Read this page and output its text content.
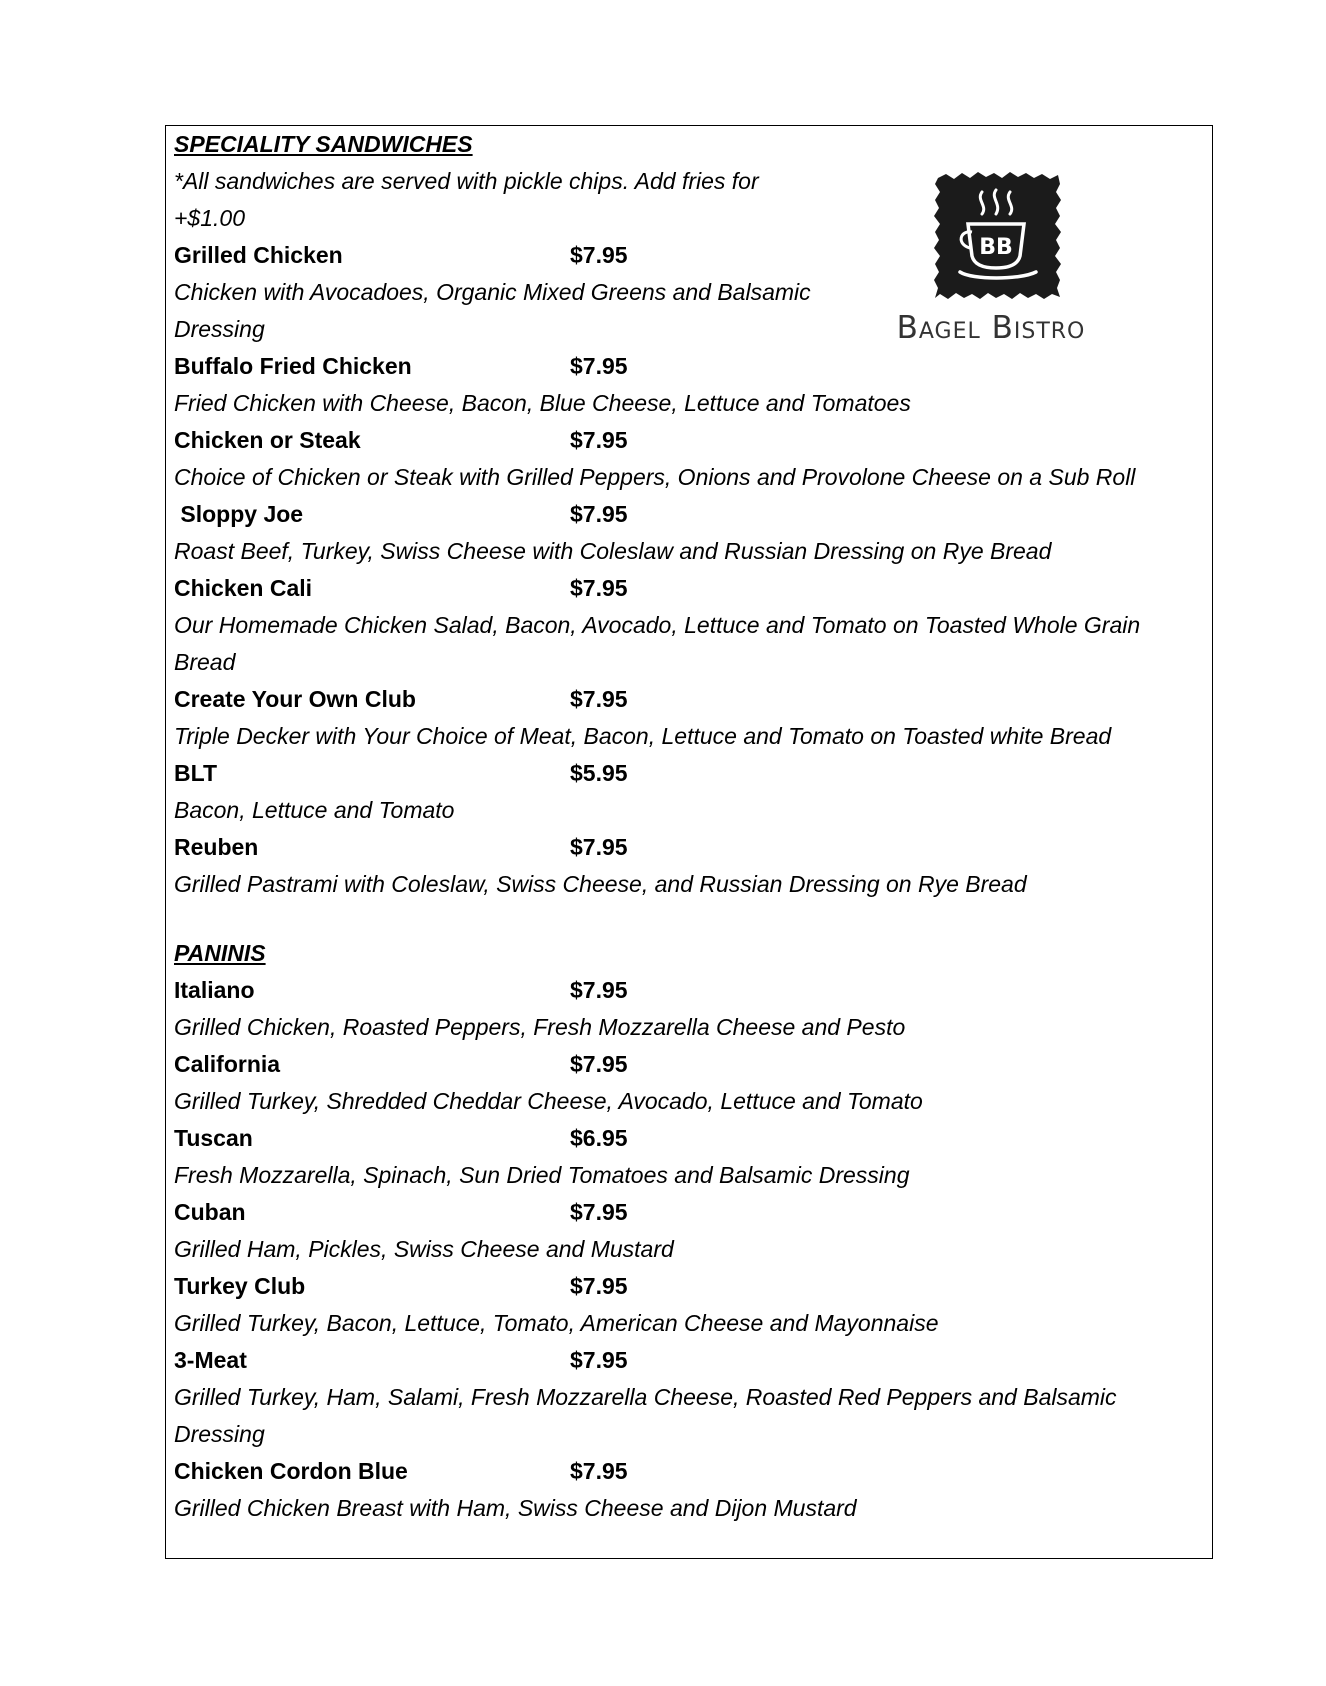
BB
Bagel Bistro
SPECIALITY SANDWICHES
*All sandwiches are served with pickle chips. Add fries for
+$1.00
Grilled Chicken	$7.95
Chicken with Avocadoes, Organic Mixed Greens and Balsamic
Dressing
Buffalo Fried Chicken	$7.95
Fried Chicken with Cheese, Bacon, Blue Cheese, Lettuce and Tomatoes
Chicken or Steak	$7.95
Choice of Chicken or Steak with Grilled Peppers, Onions and Provolone Cheese on a Sub Roll
Sloppy Joe	$7.95
Roast Beef, Turkey, Swiss Cheese with Coleslaw and Russian Dressing on Rye Bread
Chicken Cali	$7.95
Our Homemade Chicken Salad, Bacon, Avocado, Lettuce and Tomato on Toasted Whole Grain
Bread
Create Your Own Club	$7.95
Triple Decker with Your Choice of Meat, Bacon, Lettuce and Tomato on Toasted white Bread
BLT	$5.95
Bacon, Lettuce and Tomato
Reuben	$7.95
Grilled Pastrami with Coleslaw, Swiss Cheese, and Russian Dressing on Rye Bread
PANINIS
Italiano	$7.95
Grilled Chicken, Roasted Peppers, Fresh Mozzarella Cheese and Pesto
California	$7.95
Grilled Turkey, Shredded Cheddar Cheese, Avocado, Lettuce and Tomato
Tuscan	$6.95
Fresh Mozzarella, Spinach, Sun Dried Tomatoes and Balsamic Dressing
Cuban	$7.95
Grilled Ham, Pickles, Swiss Cheese and Mustard
Turkey Club	$7.95
Grilled Turkey, Bacon, Lettuce, Tomato, American Cheese and Mayonnaise
3-Meat	$7.95
Grilled Turkey, Ham, Salami, Fresh Mozzarella Cheese, Roasted Red Peppers and Balsamic
Dressing
Chicken Cordon Blue	$7.95
Grilled Chicken Breast with Ham, Swiss Cheese and Dijon Mustard
